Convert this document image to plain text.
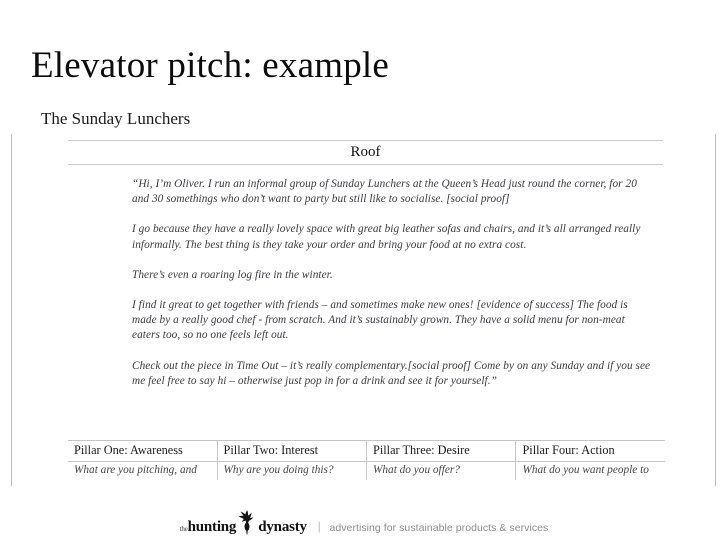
Elevator pitch: example
The Sunday Lunchers
Roof

“Hi, I’m Oliver. I run an informal group of Sunday Lunchers at the Queen’s Head just round the corner, for 20 and 30 somethings who don’t want to party but still like to socialise. [social proof]

I go because they have a really lovely space with great big leather sofas and chairs, and it’s all arranged really informally. The best thing is they take your order and bring your food at no extra cost.

There’s even a roaring log fire in the winter.

I find it great to get together with friends – and sometimes make new ones! [evidence of success] The food is made by a really good chef - from scratch. And it’s sustainably grown. They have a solid menu for non-meat eaters too, so no one feels left out.

Check out the piece in Time Out – it’s really complementary.[social proof] Come by on any Sunday and if you see me feel free to say hi – otherwise just pop in for a drink and see it for yourself.”

Pillar One: Awareness	Pillar Two: Interest	Pillar Three: Desire	Pillar Four: Action
What are you pitching, and	Why are you doing this?	What do you offer?	What do you want people to
the hunting dynasty | advertising for sustainable products & services
